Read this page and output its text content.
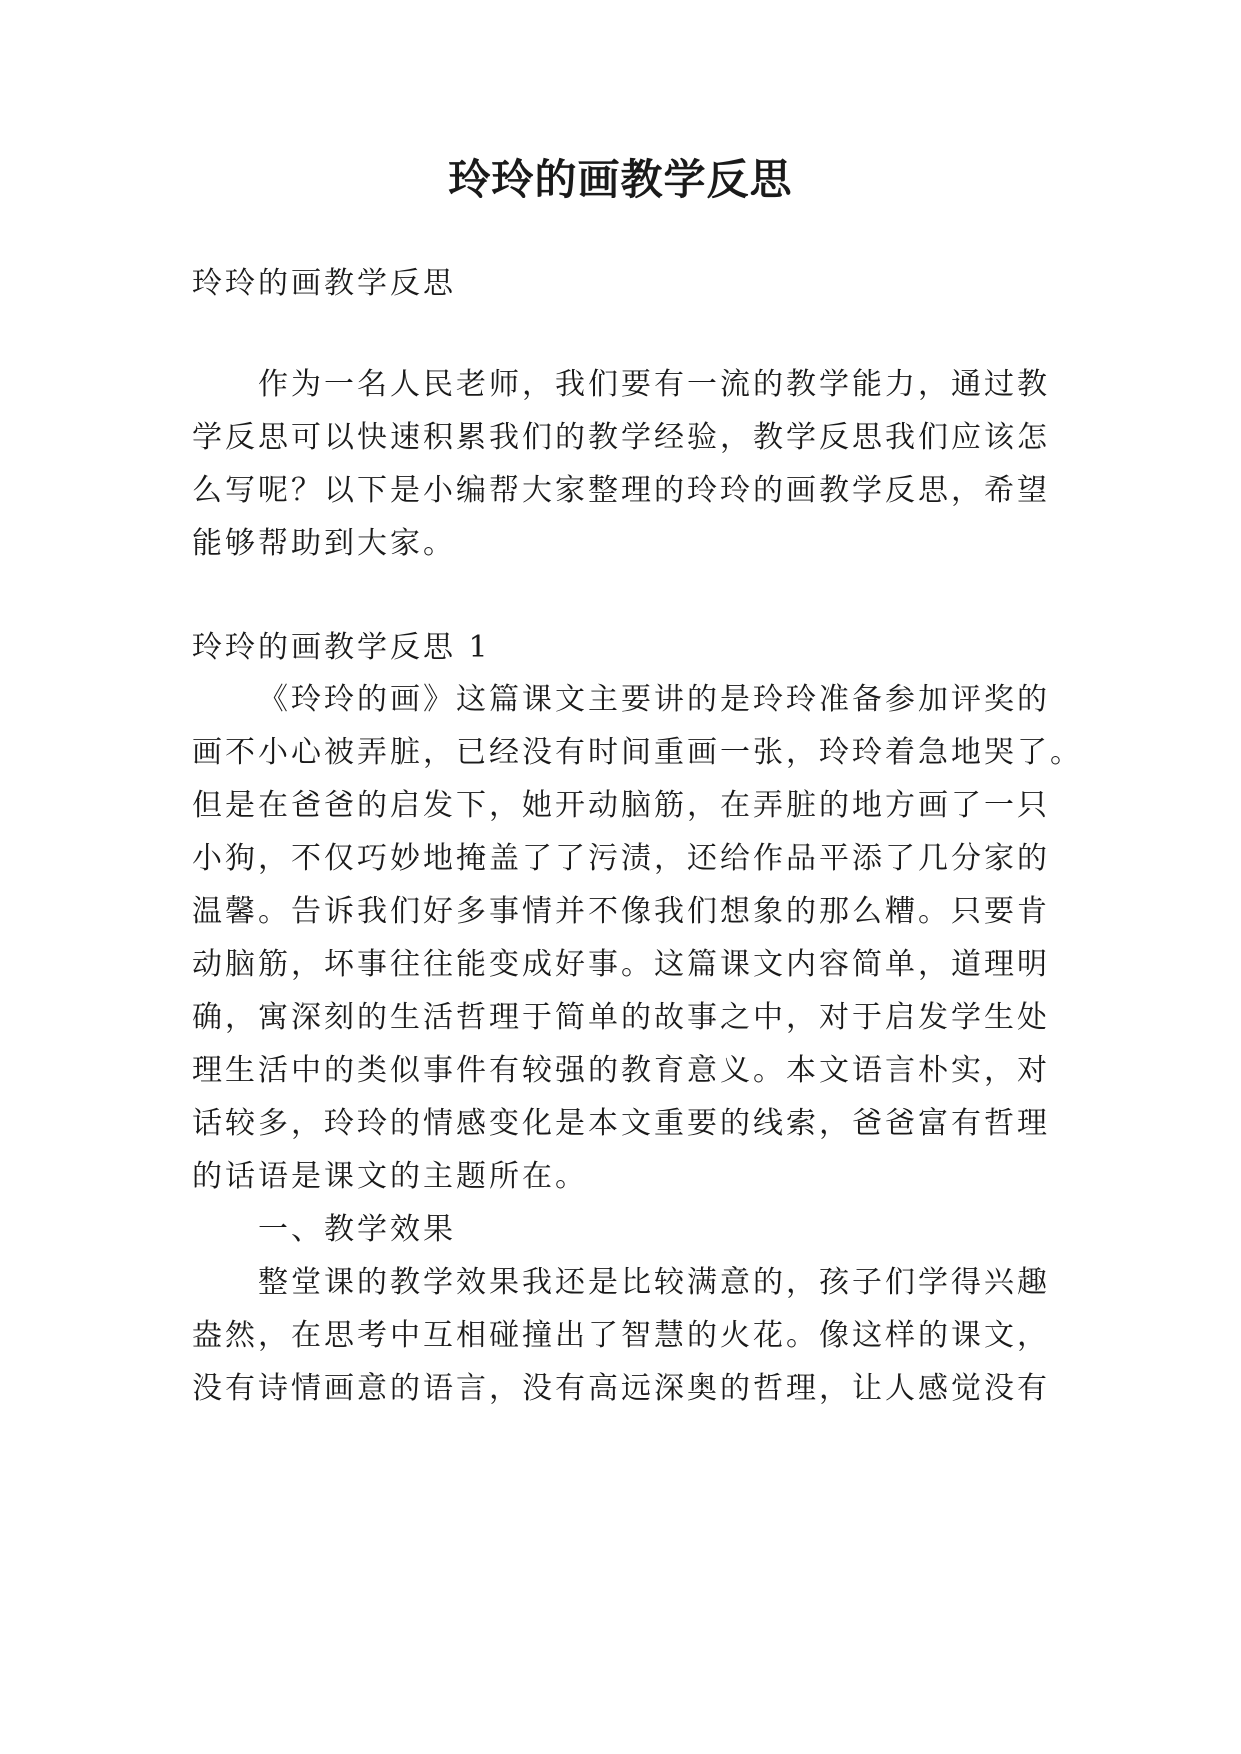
玲玲的画教学反思
玲玲的画教学反思
作为一名人民老师，我们要有一流的教学能力，通过教
学反思可以快速积累我们的教学经验，教学反思我们应该怎
么写呢？以下是小编帮大家整理的玲玲的画教学反思，希望
能够帮助到大家。
玲玲的画教学反思 1
《玲玲的画》这篇课文主要讲的是玲玲准备参加评奖的
画不小心被弄脏，已经没有时间重画一张，玲玲着急地哭了。
但是在爸爸的启发下，她开动脑筋，在弄脏的地方画了一只
小狗，不仅巧妙地掩盖了了污渍，还给作品平添了几分家的
温馨。告诉我们好多事情并不像我们想象的那么糟。只要肯
动脑筋，坏事往往能变成好事。这篇课文内容简单，道理明
确，寓深刻的生活哲理于简单的故事之中，对于启发学生处
理生活中的类似事件有较强的教育意义。本文语言朴实，对
话较多，玲玲的情感变化是本文重要的线索，爸爸富有哲理
的话语是课文的主题所在。
一、教学效果
整堂课的教学效果我还是比较满意的，孩子们学得兴趣
盎然，在思考中互相碰撞出了智慧的火花。像这样的课文，
没有诗情画意的语言，没有高远深奥的哲理，让人感觉没有
